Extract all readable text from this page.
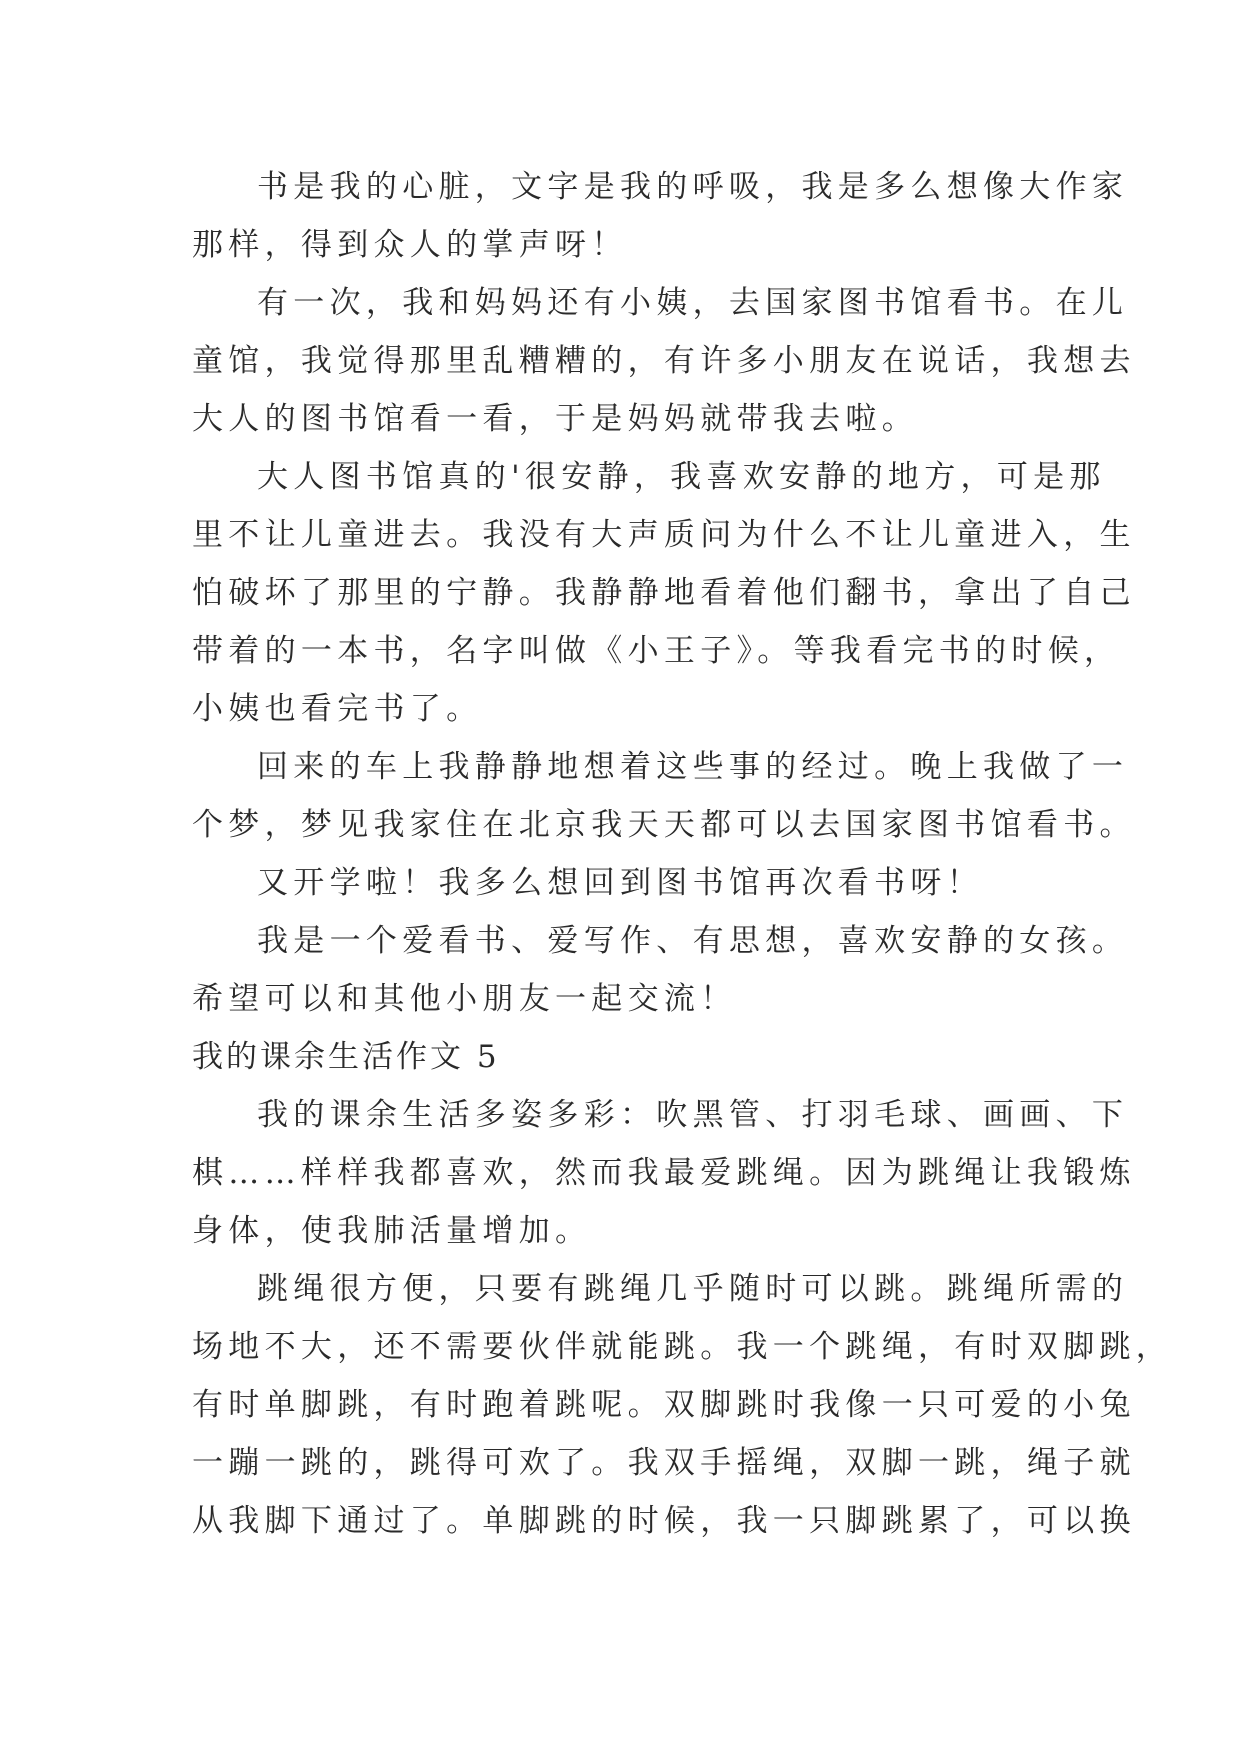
书是我的心脏，文字是我的呼吸，我是多么想像大作家
那样，得到众人的掌声呀！
有一次，我和妈妈还有小姨，去国家图书馆看书。在儿
童馆，我觉得那里乱糟糟的，有许多小朋友在说话，我想去
大人的图书馆看一看，于是妈妈就带我去啦。
大人图书馆真的'很安静，我喜欢安静的地方，可是那
里不让儿童进去。我没有大声质问为什么不让儿童进入，生
怕破坏了那里的宁静。我静静地看着他们翻书，拿出了自己
带着的一本书，名字叫做《小王子》。等我看完书的时候，
小姨也看完书了。
回来的车上我静静地想着这些事的经过。晚上我做了一
个梦，梦见我家住在北京我天天都可以去国家图书馆看书。
又开学啦！我多么想回到图书馆再次看书呀！
我是一个爱看书、爱写作、有思想，喜欢安静的女孩。
希望可以和其他小朋友一起交流！
我的课余生活作文 5
我的课余生活多姿多彩：吹黑管、打羽毛球、画画、下
棋……样样我都喜欢，然而我最爱跳绳。因为跳绳让我锻炼
身体，使我肺活量增加。
跳绳很方便，只要有跳绳几乎随时可以跳。跳绳所需的
场地不大，还不需要伙伴就能跳。我一个跳绳，有时双脚跳，
有时单脚跳，有时跑着跳呢。双脚跳时我像一只可爱的小兔
一蹦一跳的，跳得可欢了。我双手摇绳，双脚一跳，绳子就
从我脚下通过了。单脚跳的时候，我一只脚跳累了，可以换
